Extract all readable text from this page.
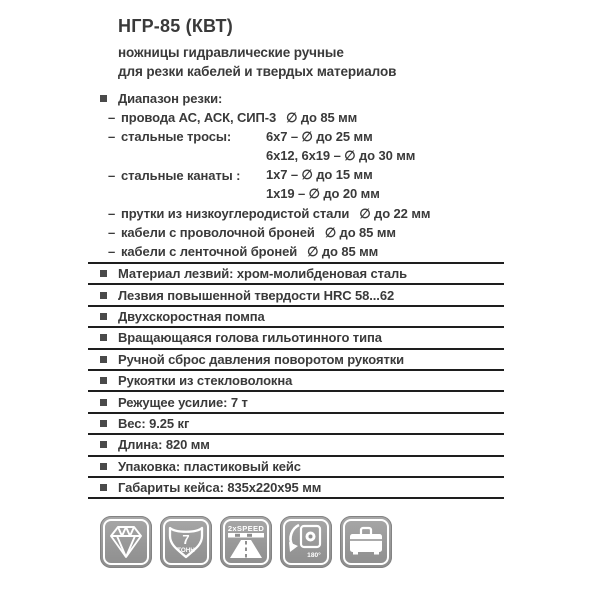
НГР-85 (КВТ)
ножницы гидравлические ручные
для резки кабелей и твердых материалов
Диапазон резки:
– провода АС, АСК, СИП-3 ∅ до 85 мм
– стальные тросы:	6х7 – ∅ до 25 мм
6х12, 6х19 – ∅ до 30 мм
– стальные канаты :	1х7 – ∅ до 15 мм
1х19 – ∅ до 20 мм
– прутки из низкоуглеродистой стали ∅ до 22 мм
– кабели с проволочной броней ∅ до 85 мм
– кабели с ленточной броней ∅ до 85 мм
Материал лезвий: хром-молибденовая сталь
Лезвия повышенной твердости HRC 58...62
Двухскоростная помпа
Вращающаяся голова гильотинного типа
Ручной сброс давления поворотом рукоятки
Рукоятки из стекловолокна
Режущее усилие: 7 т
Вес: 9.25 кг
Длина: 820 мм
Упаковка: пластиковый кейс
Габариты кейса: 835х220х95 мм
7
ТОНН
2xSPEED
180°
